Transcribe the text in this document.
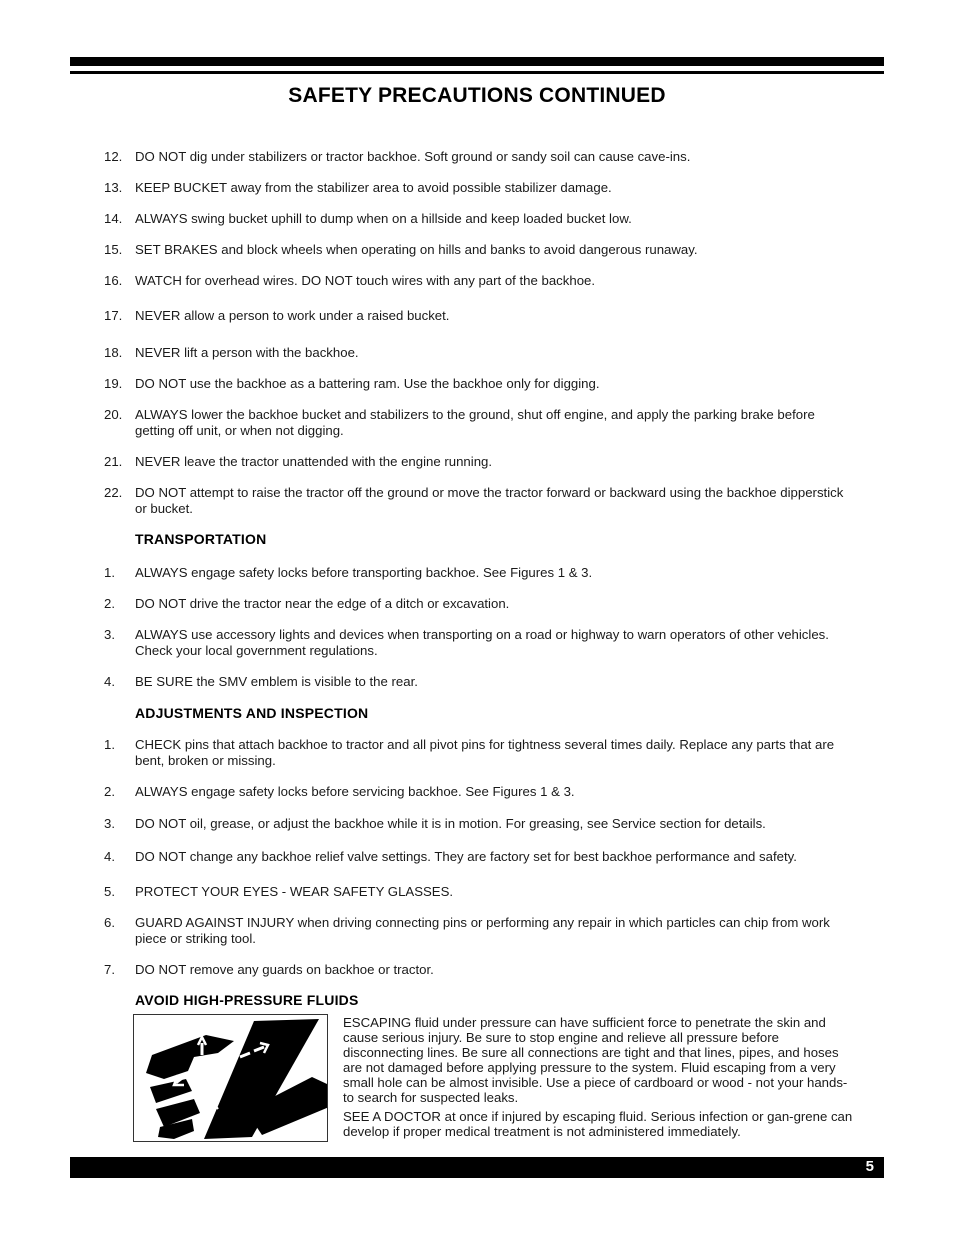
SAFETY PRECAUTIONS CONTINUED
12. DO NOT dig under stabilizers or tractor backhoe. Soft ground or sandy soil can cause cave-ins.
13. KEEP BUCKET away from the stabilizer area to avoid possible stabilizer damage.
14. ALWAYS swing bucket uphill to dump when on a hillside and keep loaded bucket low.
15. SET BRAKES and block wheels when operating on hills and banks to avoid dangerous runaway.
16. WATCH for overhead wires. DO NOT touch wires with any part of the backhoe.
17. NEVER allow a person to work under a raised bucket.
18. NEVER lift a person with the backhoe.
19. DO NOT use the backhoe as a battering ram. Use the backhoe only for digging.
20. ALWAYS lower the backhoe bucket and stabilizers to the ground, shut off engine, and apply the parking brake before getting off unit, or when not digging.
21. NEVER leave the tractor unattended with the engine running.
22. DO NOT attempt to raise the tractor off the ground or move the tractor forward or backward using the backhoe dipperstick or bucket.
TRANSPORTATION
1. ALWAYS engage safety locks before transporting backhoe. See Figures 1 & 3.
2. DO NOT drive the tractor near the edge of a ditch or excavation.
3. ALWAYS use accessory lights and devices when transporting on a road or highway to warn operators of other vehicles. Check your local government regulations.
4. BE SURE the SMV emblem is visible to the rear.
ADJUSTMENTS AND INSPECTION
1. CHECK pins that attach backhoe to tractor and all pivot pins for tightness several times daily. Replace any parts that are bent, broken or missing.
2. ALWAYS engage safety locks before servicing backhoe. See Figures 1 & 3.
3. DO NOT oil, grease, or adjust the backhoe while it is in motion. For greasing, see Service section for details.
4. DO NOT change any backhoe relief valve settings. They are factory set for best backhoe performance and safety.
5. PROTECT YOUR EYES - WEAR SAFETY GLASSES.
6. GUARD AGAINST INJURY when driving connecting pins or performing any repair in which particles can chip from work piece or striking tool.
7. DO NOT remove any guards on backhoe or tractor.
AVOID HIGH-PRESSURE FLUIDS
ESCAPING fluid under pressure can have sufficient force to penetrate the skin and cause serious injury. Be sure to stop engine and relieve all pressure before disconnecting lines. Be sure all connections are tight and that lines, pipes, and hoses are not damaged before applying pressure to the system. Fluid escaping from a very small hole can be almost invisible. Use a piece of cardboard or wood - not your hands-to search for suspected leaks.
SEE A DOCTOR at once if injured by escaping fluid. Serious infection or gan-grene can develop if proper medical treatment is not administered immediately.
5
